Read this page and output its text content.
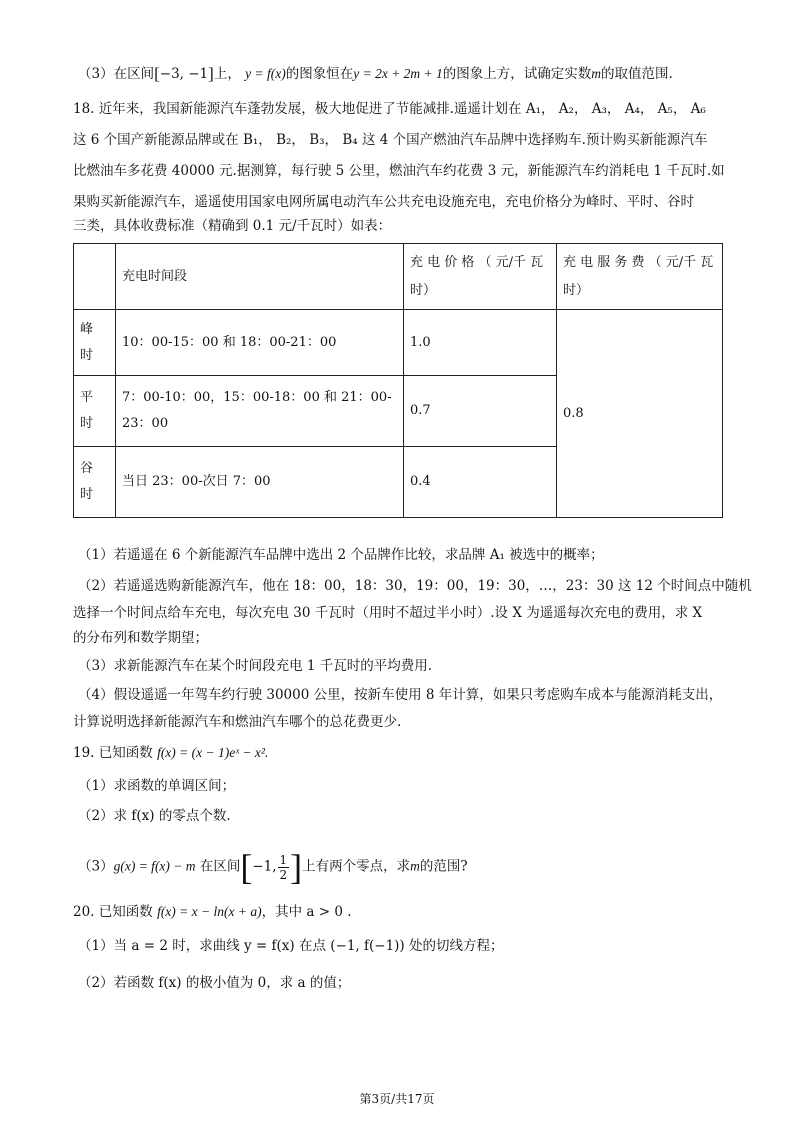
（3）在区间[−3, −1]上， y = f(x)的图象恒在y = 2x + 2m + 1的图象上方，试确定实数m的取值范围.
18. 近年来，我国新能源汽车蓬勃发展，极大地促进了节能减排.遥遥计划在 A₁， A₂， A₃， A₄， A₅， A₆
这 6 个国产新能源品牌或在 B₁， B₂， B₃， B₄ 这 4 个国产燃油汽车品牌中选择购车.预计购买新能源汽车
比燃油车多花费 40000 元.据测算，每行驶 5 公里，燃油汽车约花费 3 元，新能源汽车约消耗电 1 千瓦时.如
果购买新能源汽车，遥遥使用国家电网所属电动汽车公共充电设施充电，充电价格分为峰时、平时、谷时
三类，具体收费标准（精确到 0.1 元/千瓦时）如表：
	充电时间段	充 电 价 格 （ 元/千 瓦 时）	充 电 服 务 费 （ 元/千 瓦 时）
峰 时	10：00-15：00 和 18：00-21：00	1.0	0.8
平 时	7：00-10：00，15：00-18：00 和 21：00-23：00	0.7	
谷 时	当日 23：00-次日 7：00	0.4	
（1）若遥遥在 6 个新能源汽车品牌中选出 2 个品牌作比较，求品牌 A₁ 被选中的概率；
（2）若遥遥选购新能源汽车，他在 18：00，18：30，19：00，19：30，…，23：30 这 12 个时间点中随机
选择一个时间点给车充电，每次充电 30 千瓦时（用时不超过半小时）.设 X 为遥遥每次充电的费用，求 X
的分布列和数学期望；
（3）求新能源汽车在某个时间段充电 1 千瓦时的平均费用.
（4）假设遥遥一年驾车约行驶 30000 公里，按新车使用 8 年计算，如果只考虑购车成本与能源消耗支出，
计算说明选择新能源汽车和燃油汽车哪个的总花费更少.
19. 已知函数 f(x) = (x − 1)eˣ − x².
（1）求函数的单调区间；
（2）求 f(x) 的零点个数.
（3）g(x) = f(x) − m 在区间[−1, $\frac{1}{2}$ ]上有两个零点，求m的范围?
20. 已知函数 f(x) = x − ln(x + a)，其中 a > 0 .
（1）当 a = 2 时，求曲线 y = f(x) 在点 (−1, f(−1)) 处的切线方程；
（2）若函数 f(x) 的极小值为 0，求 a 的值；
第3页/共17页
